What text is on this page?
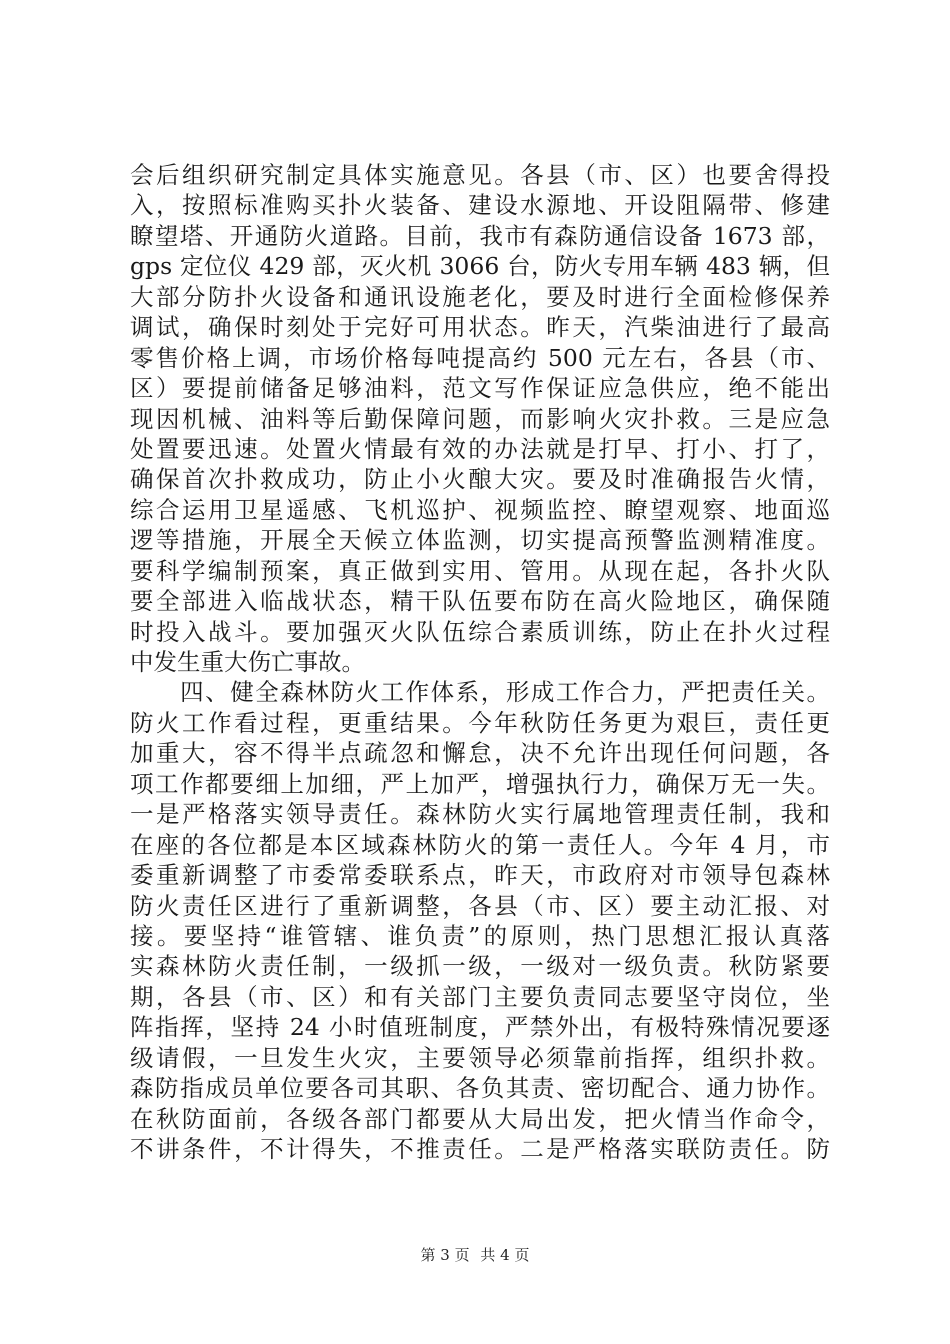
会后组织研究制定具体实施意见。各县（市、区）也要舍得投
入，按照标准购买扑火装备、建设水源地、开设阻隔带、修建
瞭望塔、开通防火道路。目前，我市有森防通信设备 1673 部，
gps 定位仪 429 部，灭火机 3066 台，防火专用车辆 483 辆，但
大部分防扑火设备和通讯设施老化，要及时进行全面检修保养
调试，确保时刻处于完好可用状态。昨天，汽柴油进行了最高
零售价格上调，市场价格每吨提高约 500 元左右，各县（市、
区）要提前储备足够油料，范文写作保证应急供应，绝不能出
现因机械、油料等后勤保障问题，而影响火灾扑救。三是应急
处置要迅速。处置火情最有效的办法就是打早、打小、打了，
确保首次扑救成功，防止小火酿大灾。要及时准确报告火情，
综合运用卫星遥感、飞机巡护、视频监控、瞭望观察、地面巡
逻等措施，开展全天候立体监测，切实提高预警监测精准度。
要科学编制预案，真正做到实用、管用。从现在起，各扑火队
要全部进入临战状态，精干队伍要布防在高火险地区，确保随
时投入战斗。要加强灭火队伍综合素质训练，防止在扑火过程
中发生重大伤亡事故。
　　四、健全森林防火工作体系，形成工作合力，严把责任关。
防火工作看过程，更重结果。今年秋防任务更为艰巨，责任更
加重大，容不得半点疏忽和懈怠，决不允许出现任何问题，各
项工作都要细上加细，严上加严，增强执行力，确保万无一失。
一是严格落实领导责任。森林防火实行属地管理责任制，我和
在座的各位都是本区域森林防火的第一责任人。今年 4 月，市
委重新调整了市委常委联系点，昨天，市政府对市领导包森林
防火责任区进行了重新调整，各县（市、区）要主动汇报、对
接。要坚持“谁管辖、谁负责”的原则，热门思想汇报认真落
实森林防火责任制，一级抓一级，一级对一级负责。秋防紧要
期，各县（市、区）和有关部门主要负责同志要坚守岗位，坐
阵指挥，坚持 24 小时值班制度，严禁外出，有极特殊情况要逐
级请假，一旦发生火灾，主要领导必须靠前指挥，组织扑救。
森防指成员单位要各司其职、各负其责、密切配合、通力协作。
在秋防面前，各级各部门都要从大局出发，把火情当作命令，
不讲条件，不计得失，不推责任。二是严格落实联防责任。防
第 3 页 共 4 页
